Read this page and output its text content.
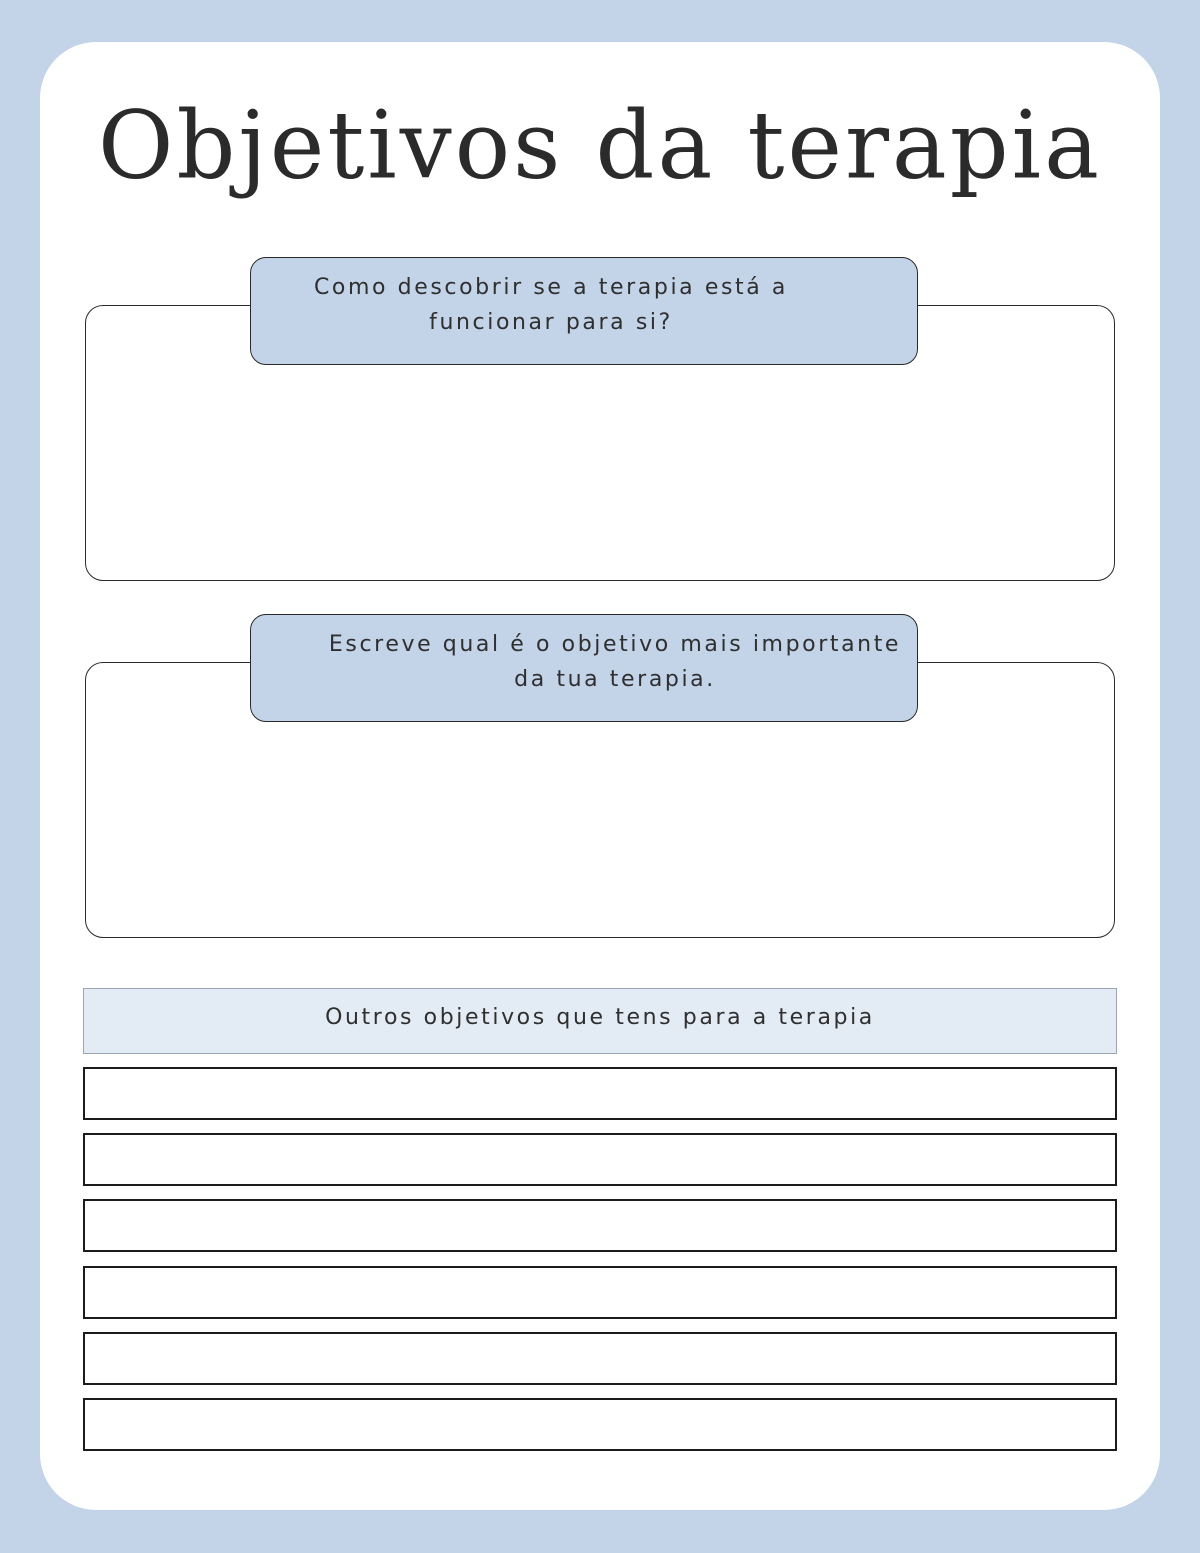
Objetivos da terapia

Como descobrir se a terapia está a
funcionar para si?

Escreve qual é o objetivo mais importante
da tua terapia.

Outros objetivos que tens para a terapia
